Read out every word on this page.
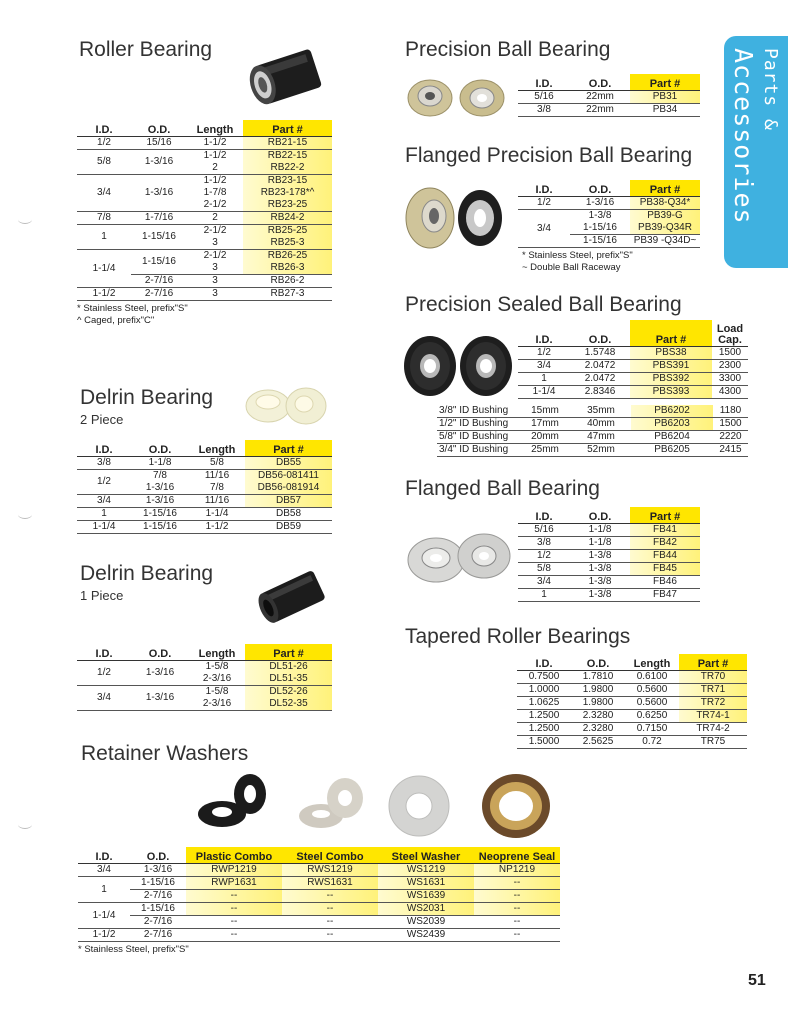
Parts &
Accessories
Roller Bearing
I.D.	O.D.	Length	Part #
1/2	15/16	1-1/2	RB21-15
5/8	1-3/16	1-1/2	RB22-15
		2	RB22-2
3/4	1-3/16	1-1/2	RB23-15
		1-7/8	RB23-178*^
		2-1/2	RB23-25
7/8	1-7/16	2	RB24-2
1	1-15/16	2-1/2	RB25-25
		3	RB25-3
1-1/4	1-15/16	2-1/2	RB26-25
		3	RB26-3
	2-7/16	3	RB26-2
1-1/2	2-7/16	3	RB27-3
* Stainless Steel, prefix"S"
^ Caged, prefix"C"
Delrin Bearing
2 Piece
I.D.	O.D.	Length	Part #
3/8	1-1/8	5/8	DB55
1/2	7/8	11/16	DB56-081411
	1-3/16	7/8	DB56-081914
3/4	1-3/16	11/16	DB57
1	1-15/16	1-1/4	DB58
1-1/4	1-15/16	1-1/2	DB59
Delrin Bearing
1 Piece
I.D.	O.D.	Length	Part #
1/2	1-3/16	1-5/8	DL51-26
		2-3/16	DL51-35
3/4	1-3/16	1-5/8	DL52-26
		2-3/16	DL52-35
Retainer Washers
I.D.	O.D.	Plastic Combo	Steel Combo	Steel Washer	Neoprene Seal
3/4	1-3/16	RWP1219	RWS1219	WS1219	NP1219
1	1-15/16	RWP1631	RWS1631	WS1631	--
	2-7/16	--	--	WS1639	--
1-1/4	1-15/16	--	--	WS2031	--
	2-7/16	--	--	WS2039	--
1-1/2	2-7/16	--	--	WS2439	--
* Stainless Steel, prefix"S"
Precision Ball Bearing
I.D.	O.D.	Part #
5/16	22mm	PB31
3/8	22mm	PB34
Flanged Precision Ball Bearing
I.D.	O.D.	Part #
1/2	1-3/16	PB38-Q34*
3/4	1-3/8	PB39-G
	1-15/16	PB39-Q34R
	1-15/16	PB39 -Q34D~
* Stainless Steel, prefix"S"
~ Double Ball Raceway
Precision Sealed Ball Bearing
I.D.	O.D.	Part #	Load Cap.
1/2	1.5748	PBS38	1500
3/4	2.0472	PBS391	2300
1	2.0472	PBS392	3300
1-1/4	2.8346	PBS393	4300
3/8" ID Bushing	15mm	35mm	PB6202	1180
1/2" ID Bushing	17mm	40mm	PB6203	1500
5/8" ID Bushing	20mm	47mm	PB6204	2220
3/4" ID Bushing	25mm	52mm	PB6205	2415
Flanged Ball Bearing
I.D.	O.D.	Part #
5/16	1-1/8	FB41
3/8	1-1/8	FB42
1/2	1-3/8	FB44
5/8	1-3/8	FB45
3/4	1-3/8	FB46
1	1-3/8	FB47
Tapered Roller Bearings
I.D.	O.D.	Length	Part #
0.7500	1.7810	0.6100	TR70
1.0000	1.9800	0.5600	TR71
1.0625	1.9800	0.5600	TR72
1.2500	2.3280	0.6250	TR74-1
1.2500	2.3280	0.7150	TR74-2
1.5000	2.5625	0.72	TR75
51
